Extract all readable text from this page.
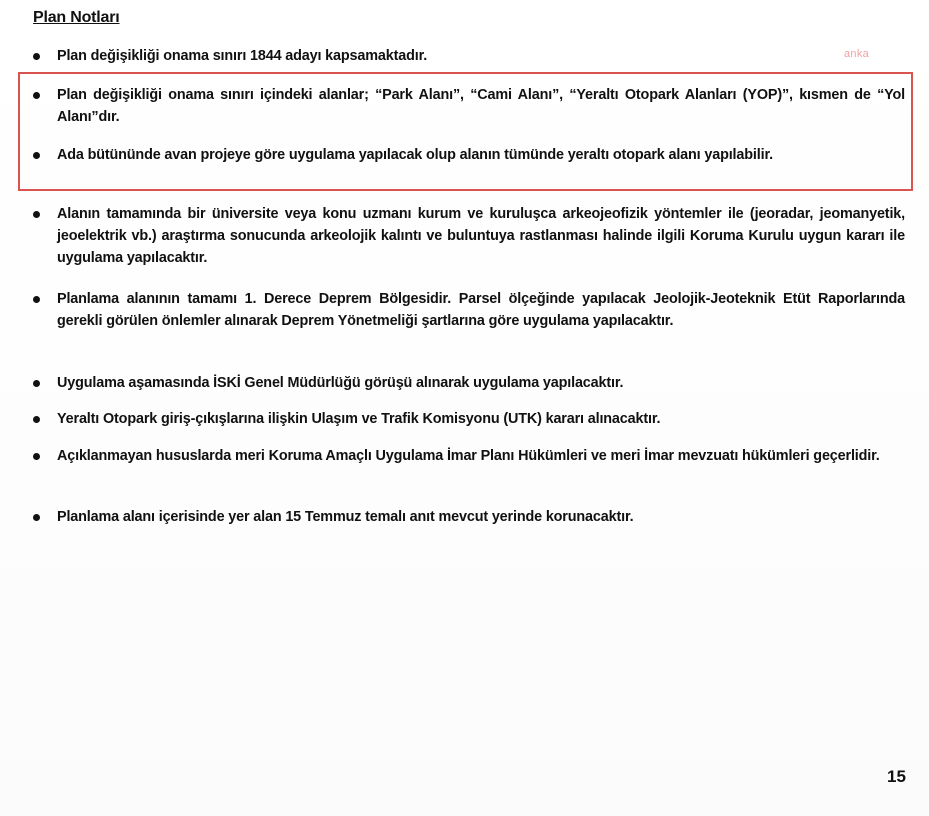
Plan Notları
anka
Plan değişikliği onama sınırı 1844 adayı kapsamaktadır.
Plan değişikliği onama sınırı içindeki alanlar; “Park Alanı”, “Cami Alanı”, “Yeraltı Otopark Alanları (YOP)”, kısmen de “Yol Alanı”dır.
Ada bütününde avan projeye göre uygulama yapılacak olup alanın tümünde yeraltı otopark alanı yapılabilir.
Alanın tamamında bir üniversite veya konu uzmanı kurum ve kuruluşca arkeojeofizik yöntemler ile (jeoradar, jeomanyetik, jeoelektrik vb.) araştırma sonucunda arkeolojik kalıntı ve buluntuya rastlanması halinde ilgili Koruma Kurulu uygun kararı ile uygulama yapılacaktır.
Planlama alanının tamamı 1. Derece Deprem Bölgesidir. Parsel ölçeğinde yapılacak Jeolojik-Jeoteknik Etüt Raporlarında gerekli görülen önlemler alınarak Deprem Yönetmeliği şartlarına göre uygulama yapılacaktır.
Uygulama aşamasında İSKİ Genel Müdürlüğü görüşü alınarak uygulama yapılacaktır.
Yeraltı Otopark giriş-çıkışlarına ilişkin Ulaşım ve Trafik Komisyonu (UTK) kararı alınacaktır.
Açıklanmayan hususlarda meri Koruma Amaçlı Uygulama İmar Planı Hükümleri ve meri İmar mevzuatı hükümleri geçerlidir.
Planlama alanı içerisinde yer alan 15 Temmuz temalı anıt mevcut yerinde korunacaktır.
15
